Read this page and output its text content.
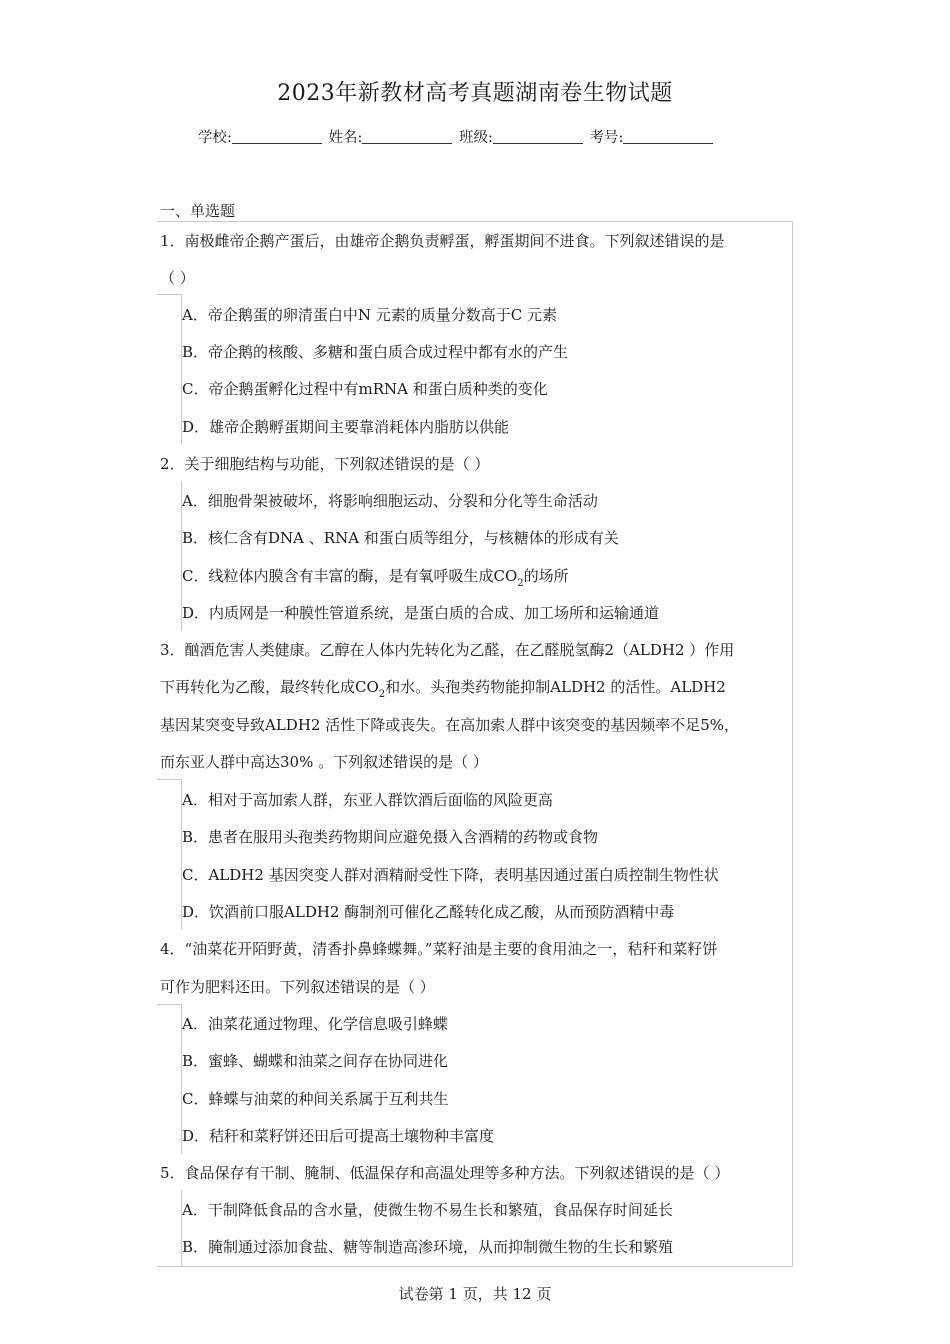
2023年新教材高考真题湖南卷生物试题
学校:	姓名:	班级:	考号:
一、单选题
1．南极雌帝企鹅产蛋后，由雄帝企鹅负责孵蛋，孵蛋期间不进食。下列叙述错误的是
（ ）
A．帝企鹅蛋的卵清蛋白中N 元素的质量分数高于C 元素
B．帝企鹅的核酸、多糖和蛋白质合成过程中都有水的产生
C．帝企鹅蛋孵化过程中有mRNA 和蛋白质种类的变化
D．雄帝企鹅孵蛋期间主要靠消耗体内脂肪以供能
2．关于细胞结构与功能，下列叙述错误的是（ ）
A．细胞骨架被破坏，将影响细胞运动、分裂和分化等生命活动
B．核仁含有DNA 、RNA 和蛋白质等组分，与核糖体的形成有关
C．线粒体内膜含有丰富的酶，是有氧呼吸生成$CO_2$的场所
D．内质网是一种膜性管道系统，是蛋白质的合成、加工场所和运输通道
3．酗酒危害人类健康。乙醇在人体内先转化为乙醛，在乙醛脱氢酶2（ALDH2 ）作用
下再转化为乙酸，最终转化成$CO_2$和水。头孢类药物能抑制ALDH2 的活性。ALDH2
基因某突变导致ALDH2 活性下降或丧失。在高加索人群中该突变的基因频率不足5%，
而东亚人群中高达30% 。下列叙述错误的是（ ）
A．相对于高加索人群，东亚人群饮酒后面临的风险更高
B．患者在服用头孢类药物期间应避免摄入含酒精的药物或食物
C．ALDH2 基因突变人群对酒精耐受性下降，表明基因通过蛋白质控制生物性状
D．饮酒前口服ALDH2 酶制剂可催化乙醛转化成乙酸，从而预防酒精中毒
4．“油菜花开陌野黄，清香扑鼻蜂蝶舞。”菜籽油是主要的食用油之一，秸秆和菜籽饼
可作为肥料还田。下列叙述错误的是（ ）
A．油菜花通过物理、化学信息吸引蜂蝶
B．蜜蜂、蝴蝶和油菜之间存在协同进化
C．蜂蝶与油菜的种间关系属于互利共生
D．秸秆和菜籽饼还田后可提高土壤物种丰富度
5．食品保存有干制、腌制、低温保存和高温处理等多种方法。下列叙述错误的是（ ）
A．干制降低食品的含水量，使微生物不易生长和繁殖，食品保存时间延长
B．腌制通过添加食盐、糖等制造高渗环境，从而抑制微生物的生长和繁殖
试卷第 1 页，共 12 页
